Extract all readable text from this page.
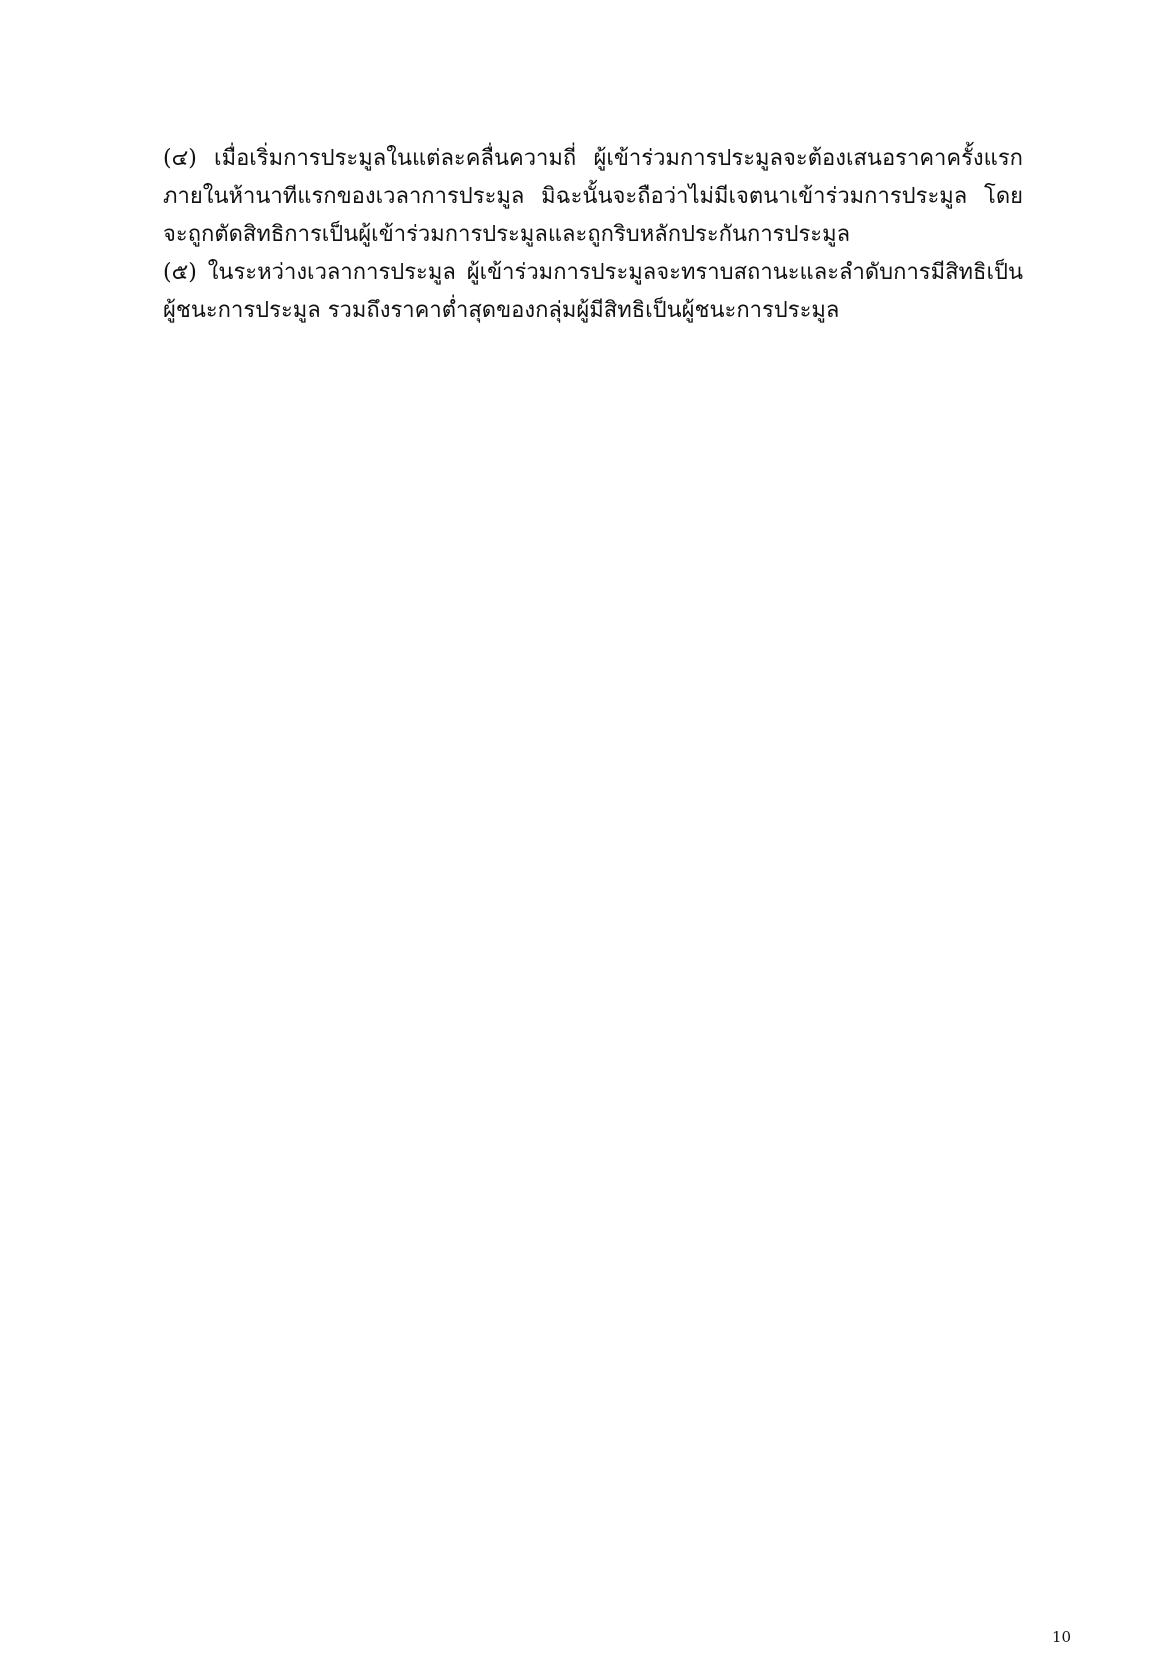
(๔) เมื่อเริ่มการประมูลในแต่ละคลื่นความถี่ ผู้เข้าร่วมการประมูลจะต้องเสนอราคาครั้งแรกภายในห้านาทีแรกของเวลาการประมูล มิฉะนั้นจะถือว่าไม่มีเจตนาเข้าร่วมการประมูล โดยจะถูกตัดสิทธิการเป็นผู้เข้าร่วมการประมูลและถูกริบหลักประกันการประมูล

(๕) ในระหว่างเวลาการประมูล ผู้เข้าร่วมการประมูลจะทราบสถานะและลำดับการมีสิทธิเป็นผู้ชนะการประมูล รวมถึงราคาต่ำสุดของกลุ่มผู้มีสิทธิเป็นผู้ชนะการประมูล

10
